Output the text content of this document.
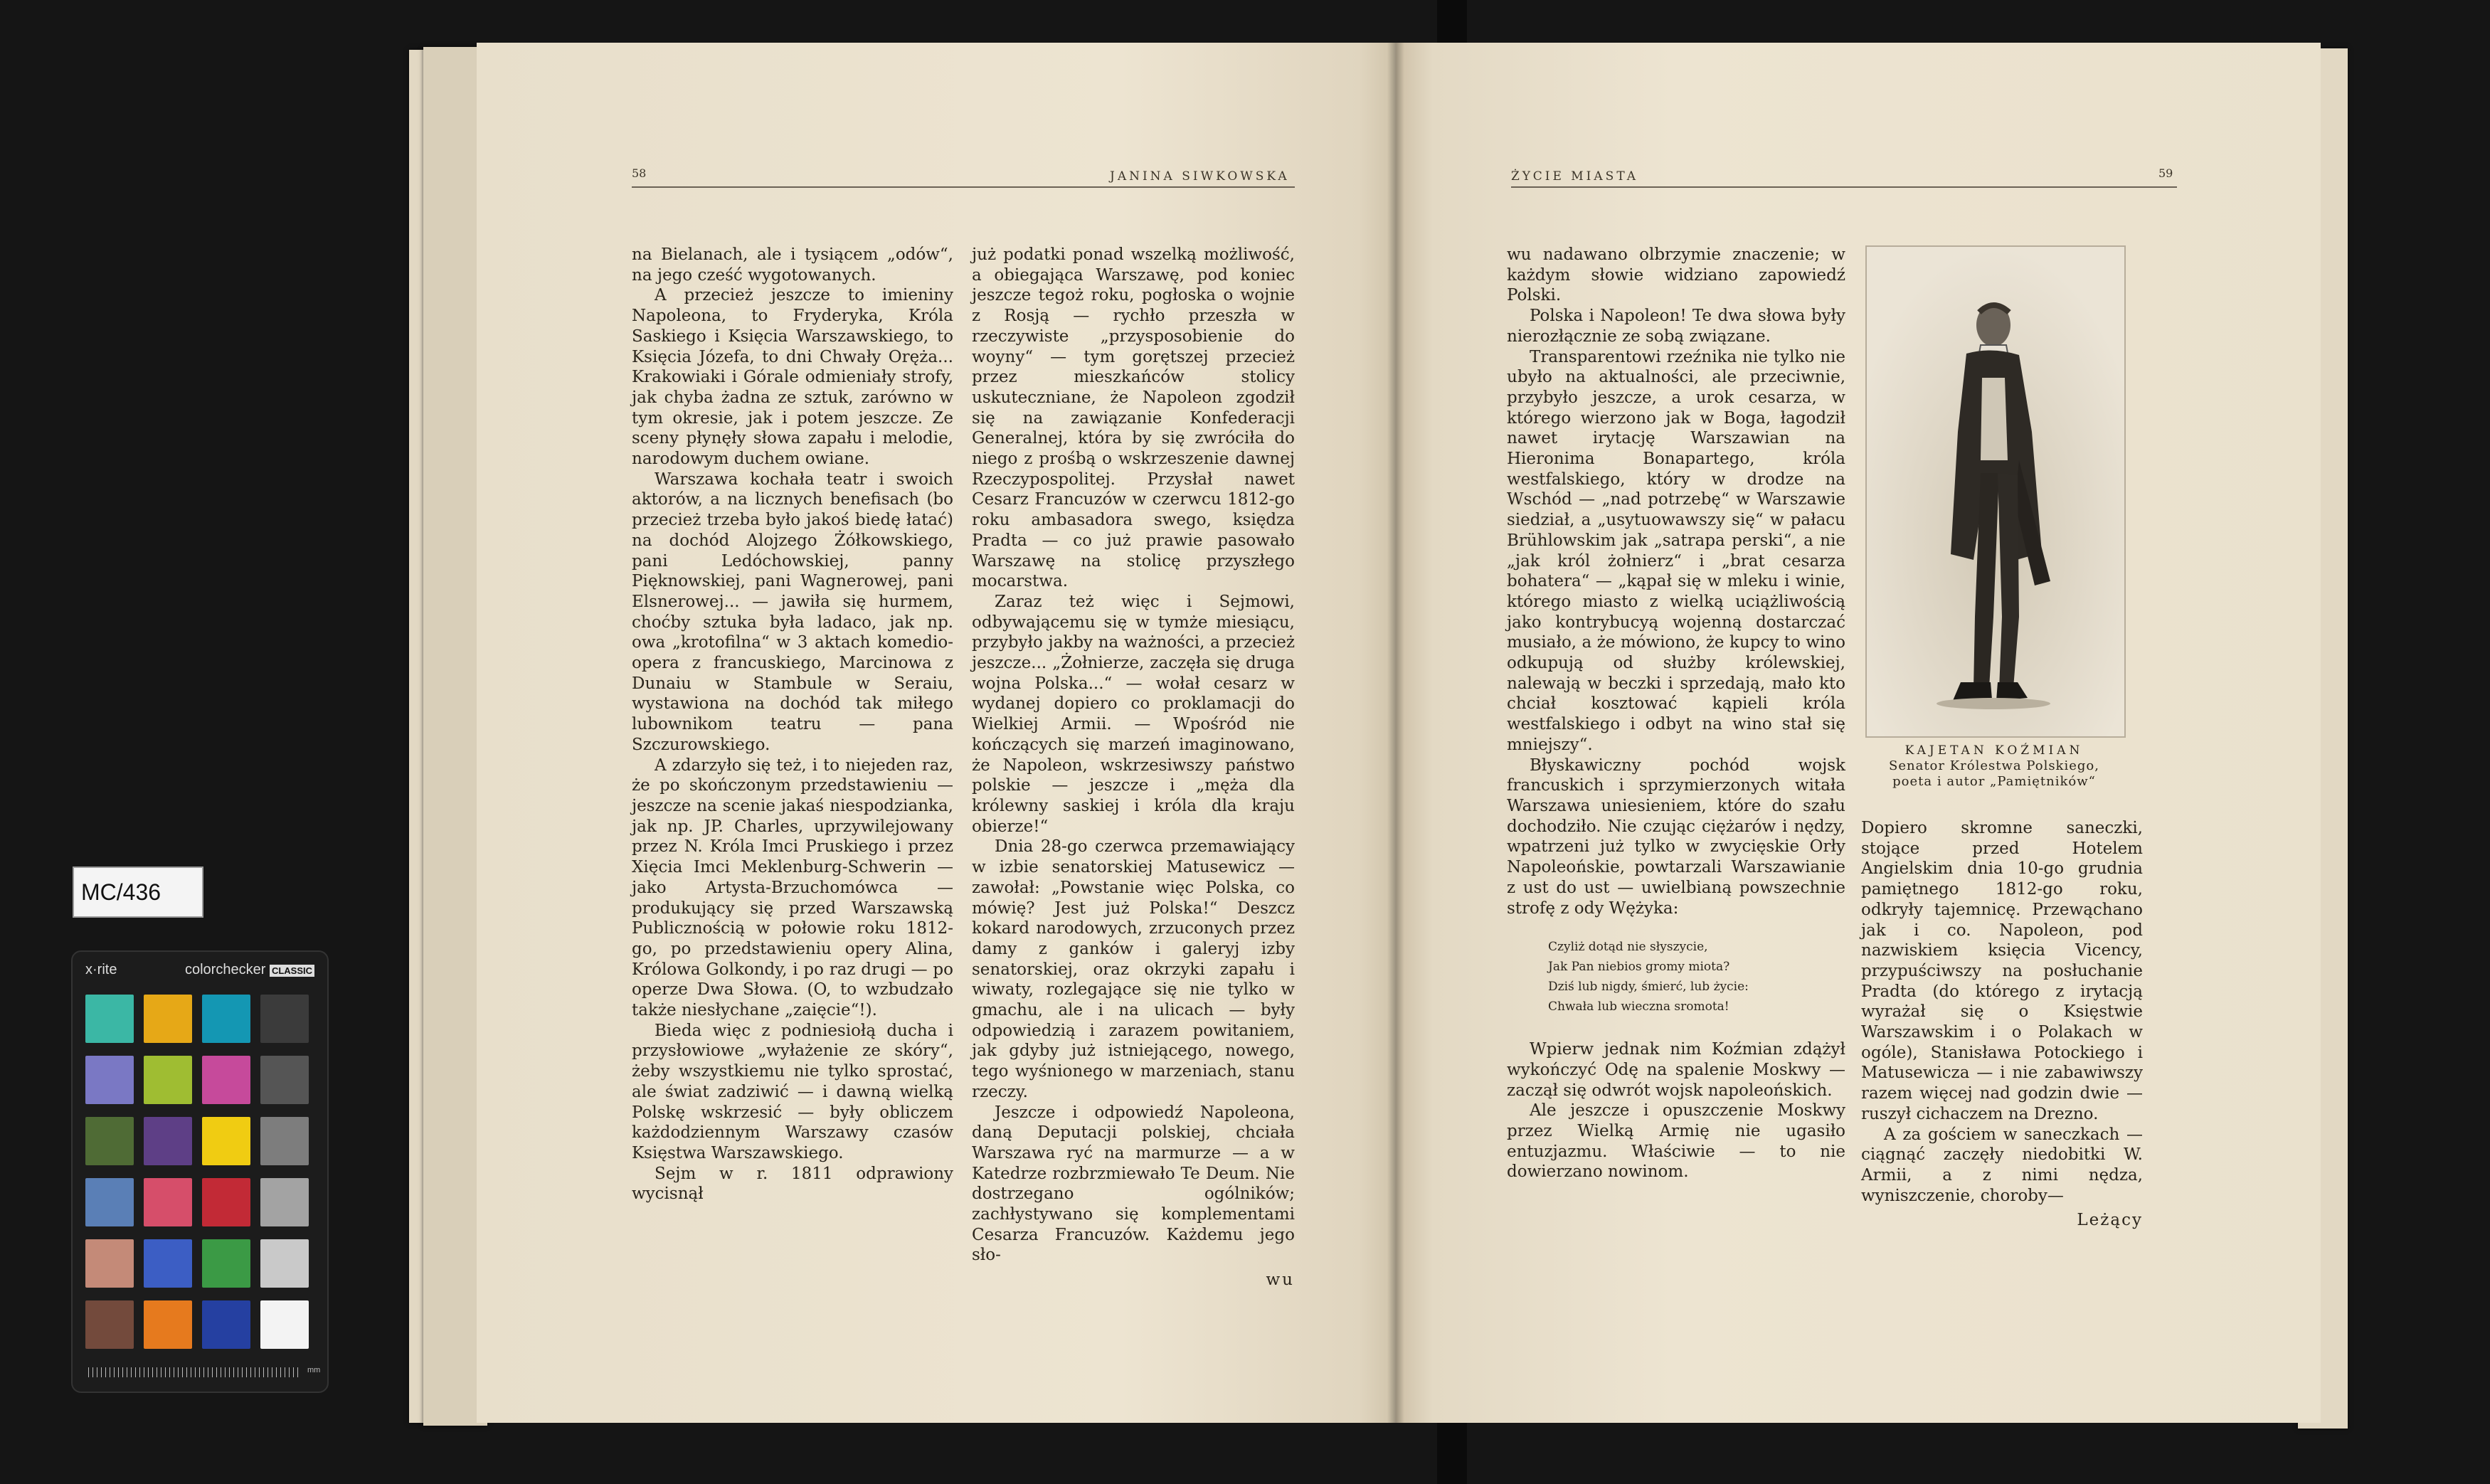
58	JANINA SIWKOWSKA

na Bielanach, ale i tysiącem „odów“, na jego cześć wygotowanych.

A przecież jeszcze to imieniny Napoleona, to Fryderyka, Króla Saskiego i Księcia Warszawskiego, to Księcia Józefa, to dni Chwały Oręża... Krakowiaki i Górale odmieniały strofy, jak chyba żadna ze sztuk, zarówno w tym okresie, jak i potem jeszcze. Ze sceny płynęły słowa zapału i melodie, narodowym duchem owiane.

Warszawa kochała teatr i swoich aktorów, a na licznych benefisach (bo przecież trzeba było jakoś biedę łatać) na dochód Alojzego Żółkowskiego, pani Ledóchowskiej, panny Pięknowskiej, pani Wagnerowej, pani Elsnerowej... — jawiła się hurmem, choćby sztuka była ladaco, jak np. owa „krotofilna“ w 3 aktach komedio-opera z francuskiego, Marcinowa z Dunaiu w Stambule w Seraiu, wystawiona na dochód tak miłego lubownikom teatru — pana Szczurowskiego.

A zdarzyło się też, i to niejeden raz, że po skończonym przedstawieniu — jeszcze na scenie jakaś niespodzianka, jak np. JP. Charles, uprzywilejowany przez N. Króla Imci Pruskiego i przez Xięcia Imci Meklenburg-Schwerin — jako Artysta-Brzuchomówca — produkujący się przed Warszawską Publicznością w połowie roku 1812-go, po przedstawieniu opery Alina, Królowa Golkondy, i po raz drugi — po operze Dwa Słowa. (O, to wzbudzało także niesłychane „zaięcie“!).

Bieda więc z podniesiołą ducha i przysłowiowe „wyłażenie ze skóry“, żeby wszystkiemu nie tylko sprostać, ale świat zadziwić — i dawną wielką Polskę wskrzesić — były obliczem każdodziennym Warszawy czasów Księstwa Warszawskiego.

Sejm w r. 1811 odprawiony wycisnął

już podatki ponad wszelką możliwość, a obiegająca Warszawę, pod koniec jeszcze tegoż roku, pogłoska o wojnie z Rosją — rychło przeszła w rzeczywiste „przysposobienie do woyny“ — tym gorętszej przecież przez mieszkańców stolicy uskuteczniane, że Napoleon zgodził się na zawiązanie Konfederacji Generalnej, która by się zwróciła do niego z prośbą o wskrzeszenie dawnej Rzeczypospolitej. Przysłał nawet Cesarz Francuzów w czerwcu 1812-go roku ambasadora swego, księdza Pradta — co już prawie pasowało Warszawę na stolicę przyszłego mocarstwa.

Zaraz też więc i Sejmowi, odbywającemu się w tymże miesiącu, przybyło jakby na ważności, a przecież jeszcze... „Żołnierze, zaczęła się druga wojna Polska...“ — wołał cesarz w wydanej dopiero co proklamacji do Wielkiej Armii. — Wpośród nie kończących się marzeń imaginowano, że Napoleon, wskrzesiwszy państwo polskie — jeszcze i „męża dla królewny saskiej i króla dla kraju obierze!“

Dnia 28-go czerwca przemawiający w izbie senatorskiej Matusewicz — zawołał: „Powstanie więc Polska, co mówię? Jest już Polska!“ Deszcz kokard narodowych, zrzuconych przez damy z ganków i galeryj izby senatorskiej, oraz okrzyki zapału i wiwaty, rozlegające się nie tylko w gmachu, ale i na ulicach — były odpowiedzią i zarazem powitaniem, jak gdyby już istniejącego, nowego, tego wyśnionego w marzeniach, stanu rzeczy.

Jeszcze i odpowiedź Napoleona, daną Deputacji polskiej, chciała Warszawa ryć na marmurze — a w Katedrze rozbrzmiewało Te Deum. Nie dostrzegano ogólników; zachłystywano się komplementami Cesarza Francuzów. Każdemu jego sło-

wu
ŻYCIE MIASTA	59

wu nadawano olbrzymie znaczenie; w każdym słowie widziano zapowiedź Polski.

Polska i Napoleon! Te dwa słowa były nierozłącznie ze sobą związane.

Transparentowi rzeźnika nie tylko nie ubyło na aktualności, ale przeciwnie, przybyło jeszcze, a urok cesarza, w którego wierzono jak w Boga, łagodził nawet irytację Warszawian na Hieronima Bonapartego, króla westfalskiego, który w drodze na Wschód — „nad potrzebę“ w Warszawie siedział, a „usytuowawszy się“ w pałacu Brühlowskim jak „satrapa perski“, a nie „jak król żołnierz“ i „brat cesarza bohatera“ — „kąpał się w mleku i winie, którego miasto z wielką uciążliwością jako kontrybucyą wojenną dostarczać musiało, a że mówiono, że kupcy to wino odkupują od służby królewskiej, nalewają w beczki i sprzedają, mało kto chciał kosztować kąpieli króla westfalskiego i odbyt na wino stał się mniejszy“.

Błyskawiczny pochód wojsk francuskich i sprzymierzonych witała Warszawa uniesieniem, które do szału dochodziło. Nie czując ciężarów i nędzy, wpatrzeni już tylko w zwycięskie Orły Napoleońskie, powtarzali Warszawianie z ust do ust — uwielbianą powszechnie strofę z ody Wężyka:

Czyliż dotąd nie słyszycie,
Jak Pan niebios gromy miota?
Dziś lub nigdy, śmierć, lub życie:
Chwała lub wieczna sromota!

Wpierw jednak nim Koźmian zdążył wykończyć Odę na spalenie Moskwy — zaczął się odwrót wojsk napoleońskich.

Ale jeszcze i opuszczenie Moskwy przez Wielką Armię nie ugasiło entuzjazmu. Właściwie — to nie dowierzano nowinom.

KAJETAN KOŹMIAN
Senator Królestwa Polskiego,
poeta i autor „Pamiętników“

Dopiero skromne saneczki, stojące przed Hotelem Angielskim dnia 10-go grudnia pamiętnego 1812-go roku, odkryły tajemnicę. Przewąchano jak i co. Napoleon, pod nazwiskiem księcia Vicency, przypuściwszy na posłuchanie Pradta (do którego z irytacją wyrażał się o Księstwie Warszawskim i o Polakach w ogóle), Stanisława Potockiego i Matusewicza — i nie zabawiwszy razem więcej nad godzin dwie — ruszył cichaczem na Drezno.

A za gościem w saneczkach — ciągnąć zaczęły niedobitki W. Armii, a z nimi nędza, wyniszczenie, choroby—

Leżący
MC/436
x·rite	colorchecker CLASSIC
mm
